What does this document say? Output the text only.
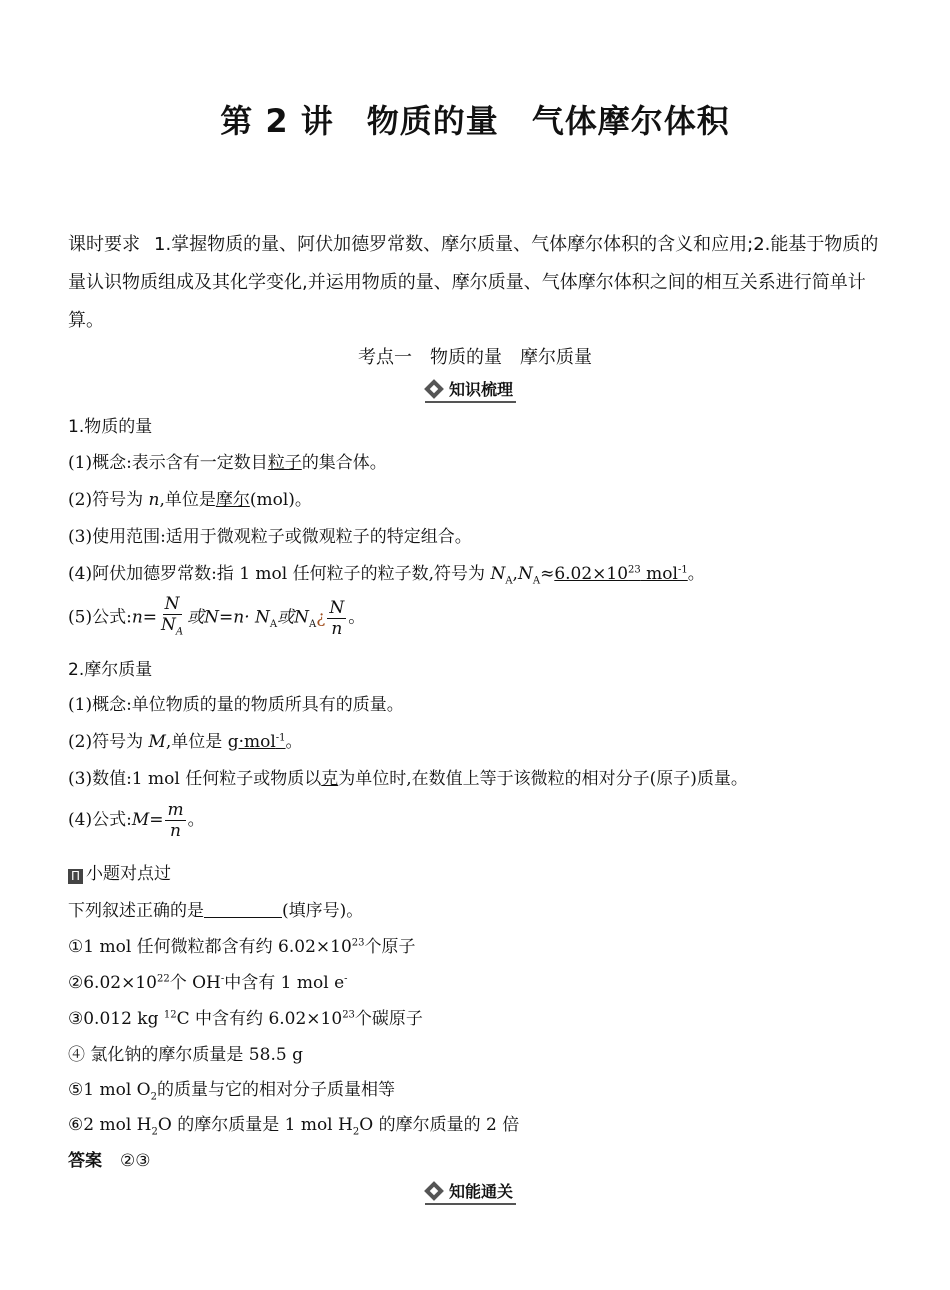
第 2 讲　物质的量　气体摩尔体积
课时要求 1.掌握物质的量、阿伏加德罗常数、摩尔质量、气体摩尔体积的含义和应用;2.能基于物质的量认识物质组成及其化学变化,并运用物质的量、摩尔质量、气体摩尔体积之间的相互关系进行简单计算。
考点一　物质的量　摩尔质量
知识梳理
1.物质的量
(1)概念:表示含有一定数目粒子的集合体。
(2)符号为 n,单位是摩尔(mol)。
(3)使用范围:适用于微观粒子或微观粒子的特定组合。
(4)阿伏加德罗常数:指 1 mol 任何粒子的粒子数,符号为 $N_A,N_A\approx 6.02\times 10^{23}$ mol$^{-1}$。
(5)公式:n= $\frac{N}{N_A}$ 或$N=n\cdot N_A$或$N_A¿ \frac{N}{n}$ 。
2.摩尔质量
(1)概念:单位物质的量的物质所具有的质量。
(2)符号为 M,单位是 g·mol$^{-1}$。
(3)数值:1 mol 任何粒子或物质以克为单位时,在数值上等于该微粒的相对分子(原子)质量。
(4)公式:M= $\frac{m}{n}$ 。
Π 小题对点过
下列叙述正确的是	(填序号)。
①1 mol 任何微粒都含有约 $6.02\times 10^{23}$个原子
$②6.02\times 10^{22}$个 OH-中含有 1 mol e-
③0.012 kg $^{12}$C 中含有约 $6.02\times 10^{23}$个碳原子
④ 氯化钠的摩尔质量是 58.5 g
⑤1 mol $O_2$的质量与它的相对分子质量相等
⑥2 mol $H_2O$ 的摩尔质量是 1 mol $H_2O$ 的摩尔质量的 2 倍
答案 ②③
知能通关
